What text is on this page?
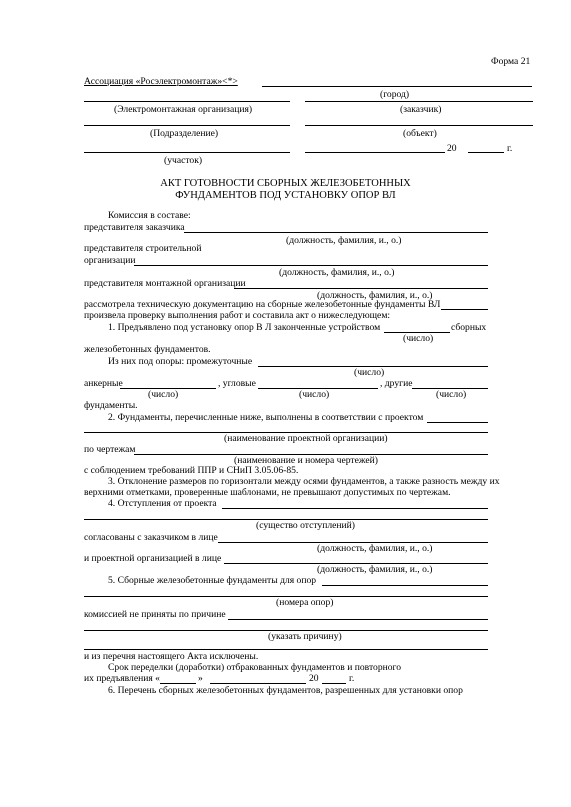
Форма 21
Ассоциация «Росэлектромонтаж»<*>
(город)
(Электромонтажная организация)	(заказчик)
(Подразделение)	(объект)
20	г.
(участок)
АКТ ГОТОВНОСТИ СБОРНЫХ ЖЕЛЕЗОБЕТОННЫХ
ФУНДАМЕНТОВ ПОД УСТАНОВКУ ОПОР ВЛ
Комиссия в составе:
представителя заказчика
(должность, фамилия, и., о.)
представителя строительной
организации
(должность, фамилия, и., о.)
представителя монтажной организации
(должность, фамилия, и., о.)
рассмотрела техническую документацию на сборные железобетонные фундаменты ВЛ
произвела проверку выполнения работ и составила акт о нижеследующем:
1. Предъявлено под установку опор В Л законченные устройством	сборных
(число)
железобетонных фундаментов.
Из них под опоры: промежуточные
(число)
анкерные	, угловые	, другие
(число)	(число)	(число)
фундаменты.
2. Фундаменты, перечисленные ниже, выполнены в соответствии с проектом
(наименование проектной организации)
по чертежам
(наименование и номера чертежей)
с соблюдением требований ППР и СНиП 3.05.06-85.
3. Отклонение размеров по горизонтали между осями фундаментов, а также разность между их
верхними отметками, проверенные шаблонами, не превышают допустимых по чертежам.
4. Отступления от проекта
(существо отступлений)
согласованы с заказчиком в лице
(должность, фамилия, и., о.)
и проектной организацией в лице
(должность, фамилия, и., о.)
5. Сборные железобетонные фундаменты для опор
(номера опор)
комиссией не приняты по причине
(указать причину)
и из перечня настоящего Акта исключены.
Срок переделки (доработки) отбракованных фундаментов и повторного
их предъявления «	»	20	г.
6. Перечень сборных железобетонных фундаментов, разрешенных для установки опор
